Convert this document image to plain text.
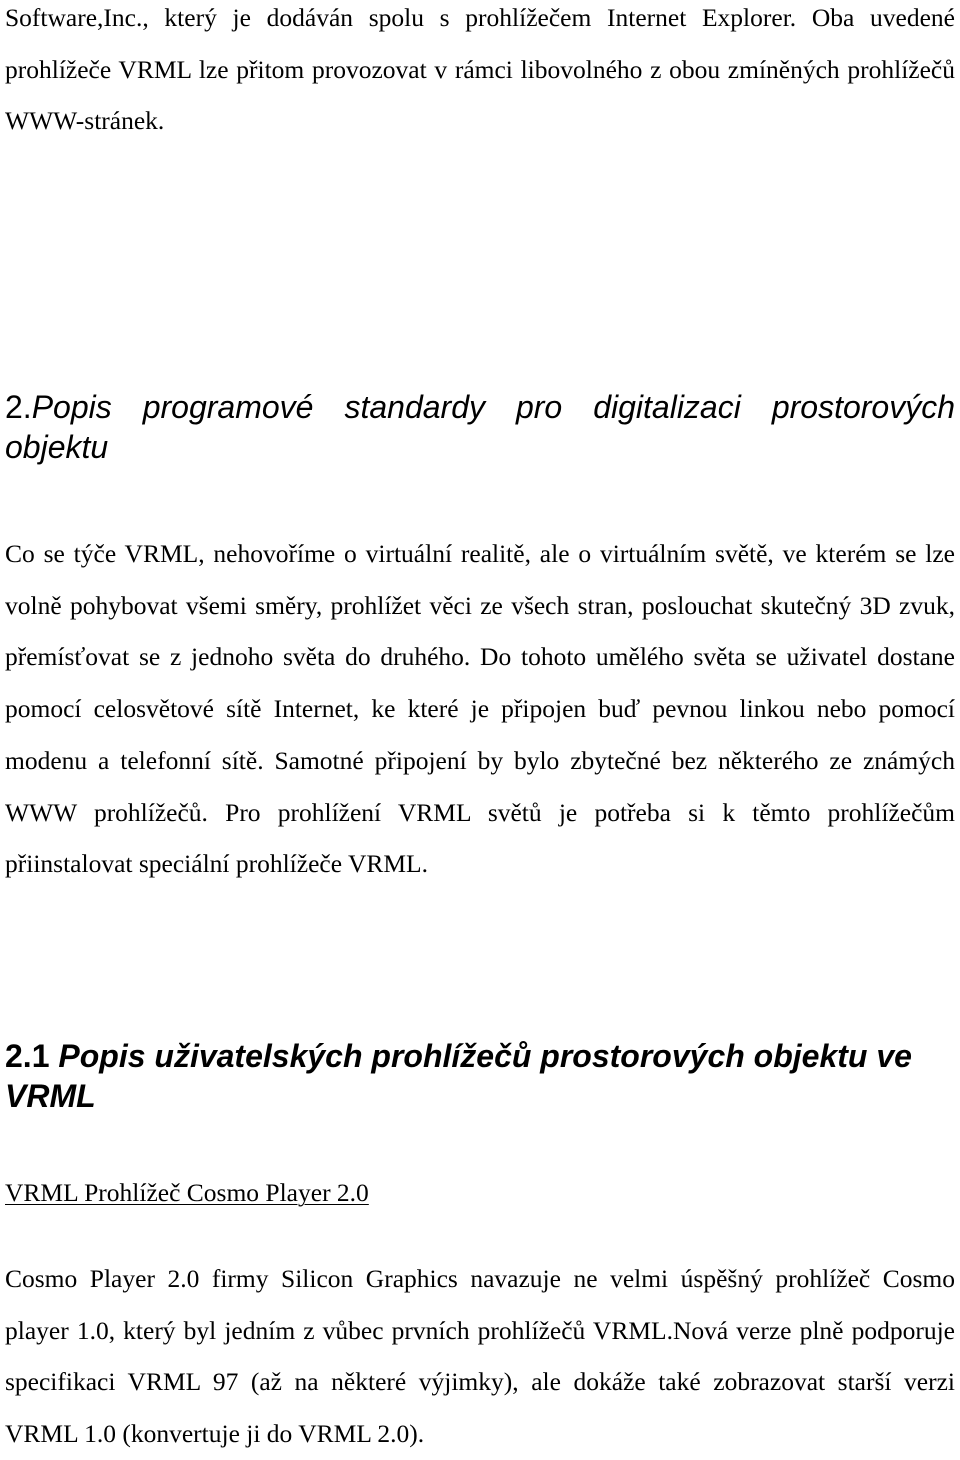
Software,Inc., který je dodáván spolu s prohlížečem Internet Explorer. Oba uvedené prohlížeče VRML lze přitom provozovat v rámci libovolného z obou zmíněných prohlížečů WWW-stránek.

2.Popis programové standardy pro digitalizaci prostorových objektu

Co se týče VRML, nehovoříme o virtuální realitě, ale o virtuálním světě, ve kterém se lze volně pohybovat všemi směry, prohlížet věci ze všech stran, poslouchat skutečný 3D zvuk, přemísťovat se z jednoho světa do druhého. Do tohoto umělého světa se uživatel dostane pomocí celosvětové sítě Internet, ke které je připojen buď pevnou linkou nebo pomocí modenu a telefonní sítě. Samotné připojení by bylo zbytečné bez některého ze známých WWW prohlížečů. Pro prohlížení VRML světů je potřeba si k těmto prohlížečům přiinstalovat speciální prohlížeče VRML.

2.1 Popis uživatelských prohlížečů prostorových objektu ve VRML

VRML Prohlížeč Cosmo Player 2.0

Cosmo Player 2.0 firmy Silicon Graphics navazuje ne velmi úspěšný prohlížeč Cosmo player 1.0, který byl jedním z vůbec prvních prohlížečů VRML.Nová verze plně podporuje specifikaci VRML 97 (až na některé výjimky), ale dokáže také zobrazovat starší verzi VRML 1.0 (konvertuje ji do VRML 2.0).
